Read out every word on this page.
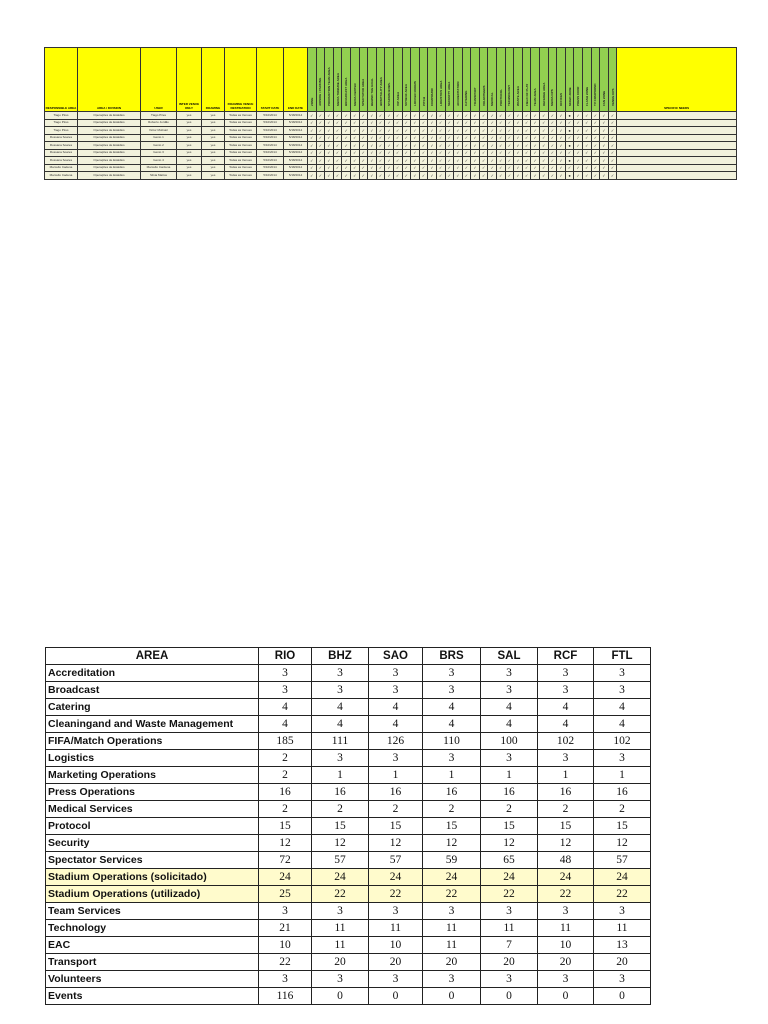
RESPONSIBLE AREA	AREA / DIVISION	USER	INTER VENUE ONLY	ROAMING	ROAMING VENUE DESTINATION	START DATE	END DATE	ZONE	AIRSIDE / PARKING	PRODUCTION TEAM AREA	MEDIA TRIBUNE AREA	BROADCAST AREA	MEDIA CENTER	SPECTATOR AREA	BEHIND THE GOAL	HOSPITALITY AREA	STADIUM BOWL	VIP AREA	SKYBOX AREA	LOCKER ROOMS	PITCH	COMPOUND	LOGISTICS AREA	SECURITY AREA	ACCREDITATION	CATERING	TRANSPORT	VOLUNTEERS	MEDICAL	PROTOCOL	TECHNOLOGY	WASTE AREA	FIELD OF PLAY	TEAM AREA	REFEREE AREA	MEDIA OPS	OFFICES	MIXED ZONE	PRESS CONF	FLASH ZONE	TV COMPOUND	FAN ZONE	VENUE OPS	SPECIFIC NEEDS
Tiago Pires	Operações de Estádios	Tiago Pires	yes	yes	Todas as Venues	5/10/2014	5/18/2014	✓	✓	✓	✓	✓	✓	✓	✓	✓	✓	✓	✓	✓	✓	✓	✓	✓	✓	✓	✓	✓	✓	✓	✓	✓	✓	✓	✓	✓	✓	●	✓	✓	✓	✓	✓	
Tiago Pires	Operações de Estádios	Roberto Jordão	yes	yes	Todas as Venues	5/10/2014	5/18/2014	✓	✓	✓	✓	✓	✓	✓	✓	✓	✓	✓	✓	✓	✓	✓	✓	✓	✓	✓	✓	✓	✓	✓	✓	✓	✓	✓	✓	✓	✓	✓	✓	✓	✓	✓	✓	
Tiago Pires	Operações de Estádios	Victor Molinari	yes	yes	Todas as Venues	5/10/2014	5/18/2014	✓	✓	✓	✓	✓	✓	✓	✓	✓	✓	✓	✓	✓	✓	✓	✓	✓	✓	✓	✓	✓	✓	✓	✓	✓	✓	✓	✓	✓	✓	●	✓	✓	✓	✓	✓	
Rossana Soares	Operações de Estádios	Genio 1	yes	yes	Todas as Venues	5/10/2014	5/18/2014	✓	✓	✓	✓	✓	✓	✓	✓	✓	✓	✓	✓	✓	✓	✓	✓	✓	✓	✓	✓	✓	✓	✓	✓	✓	✓	✓	✓	✓	✓	✓	✓	✓	✓	✓	✓	
Rossana Soares	Operações de Estádios	Genio 2	yes	yes	Todas as Venues	5/10/2014	5/18/2014	✓	✓	✓	✓	✓	✓	✓	✓	✓	✓	✓	✓	✓	✓	✓	✓	✓	✓	✓	✓	✓	✓	✓	✓	✓	✓	✓	✓	✓	✓	●	✓	✓	✓	✓	✓	
Rossana Soares	Operações de Estádios	Genio 3	yes	yes	Todas as Venues	5/10/2014	5/18/2014	✓	✓	✓	✓	✓	✓	✓	✓	✓	✓	✓	✓	✓	✓	✓	✓	✓	✓	✓	✓	✓	✓	✓	✓	✓	✓	✓	✓	✓	✓	✓	✓	✓	✓	✓	✓	
Rossana Soares	Operações de Estádios	Genio 4	yes	yes	Todas as Venues	5/10/2014	5/18/2014	✓	✓	✓	✓	✓	✓	✓	✓	✓	✓	✓	✓	✓	✓	✓	✓	✓	✓	✓	✓	✓	✓	✓	✓	✓	✓	✓	✓	✓	✓	●	✓	✓	✓	✓	✓	
Marcello Cadena	Operações de Estádios	Marcello Cardena	yes	yes	Todas as Venues	5/10/2014	5/18/2014	✓	✓	✓	✓	✓	✓	✓	✓	✓	✓	✓	✓	✓	✓	✓	✓	✓	✓	✓	✓	✓	✓	✓	✓	✓	✓	✓	✓	✓	✓	✓	✓	✓	✓	✓	✓	
Marcello Cadena	Operações de Estádios	Silvia Mattos	yes	yes	Todas as Venues	5/10/2014	5/18/2014	✓	✓	✓	✓	✓	✓	✓	✓	✓	✓	✓	✓	✓	✓	✓	✓	✓	✓	✓	✓	✓	✓	✓	✓	✓	✓	✓	✓	✓	✓	●	✓	✓	✓	✓	✓	
AREA	RIO	BHZ	SAO	BRS	SAL	RCF	FTL
Accreditation	3	3	3	3	3	3	3
Broadcast	3	3	3	3	3	3	3
Catering	4	4	4	4	4	4	4
Cleaningand and Waste Management	4	4	4	4	4	4	4
FIFA/Match Operations	185	111	126	110	100	102	102
Logistics	2	3	3	3	3	3	3
Marketing Operations	2	1	1	1	1	1	1
Press Operations	16	16	16	16	16	16	16
Medical Services	2	2	2	2	2	2	2
Protocol	15	15	15	15	15	15	15
Security	12	12	12	12	12	12	12
Spectator Services	72	57	57	59	65	48	57
Stadium Operations (solicitado)	24	24	24	24	24	24	24
Stadium Operations (utilizado)	25	22	22	22	22	22	22
Team Services	3	3	3	3	3	3	3
Technology	21	11	11	11	11	11	11
EAC	10	11	10	11	7	10	13
Transport	22	20	20	20	20	20	20
Volunteers	3	3	3	3	3	3	3
Events	116	0	0	0	0	0	0
